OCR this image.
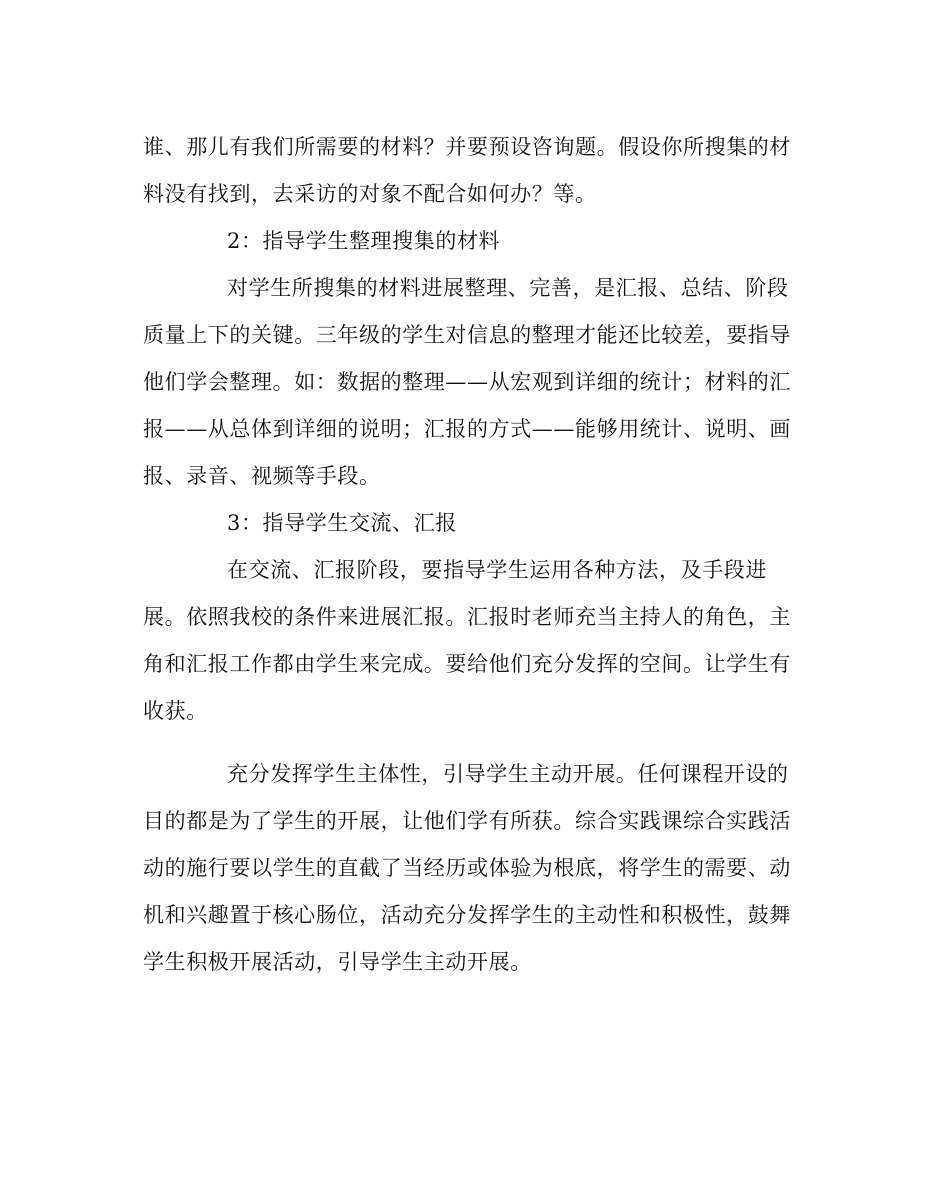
谁、那儿有我们所需要的材料？并要预设咨询题。假设你所搜集的材
料没有找到，去采访的对象不配合如何办？等。
2：指导学生整理搜集的材料
对学生所搜集的材料进展整理、完善，是汇报、总结、阶段
质量上下的关键。三年级的学生对信息的整理才能还比较差，要指导
他们学会整理。如：数据的整理——从宏观到详细的统计；材料的汇
报——从总体到详细的说明；汇报的方式——能够用统计、说明、画
报、录音、视频等手段。
3：指导学生交流、汇报
在交流、汇报阶段，要指导学生运用各种方法，及手段进
展。依照我校的条件来进展汇报。汇报时老师充当主持人的角色，主
角和汇报工作都由学生来完成。要给他们充分发挥的空间。让学生有
收获。
充分发挥学生主体性，引导学生主动开展。任何课程开设的
目的都是为了学生的开展，让他们学有所获。综合实践课综合实践活
动的施行要以学生的直截了当经历或体验为根底，将学生的需要、动
机和兴趣置于核心肠位，活动充分发挥学生的主动性和积极性，鼓舞
学生积极开展活动，引导学生主动开展。
